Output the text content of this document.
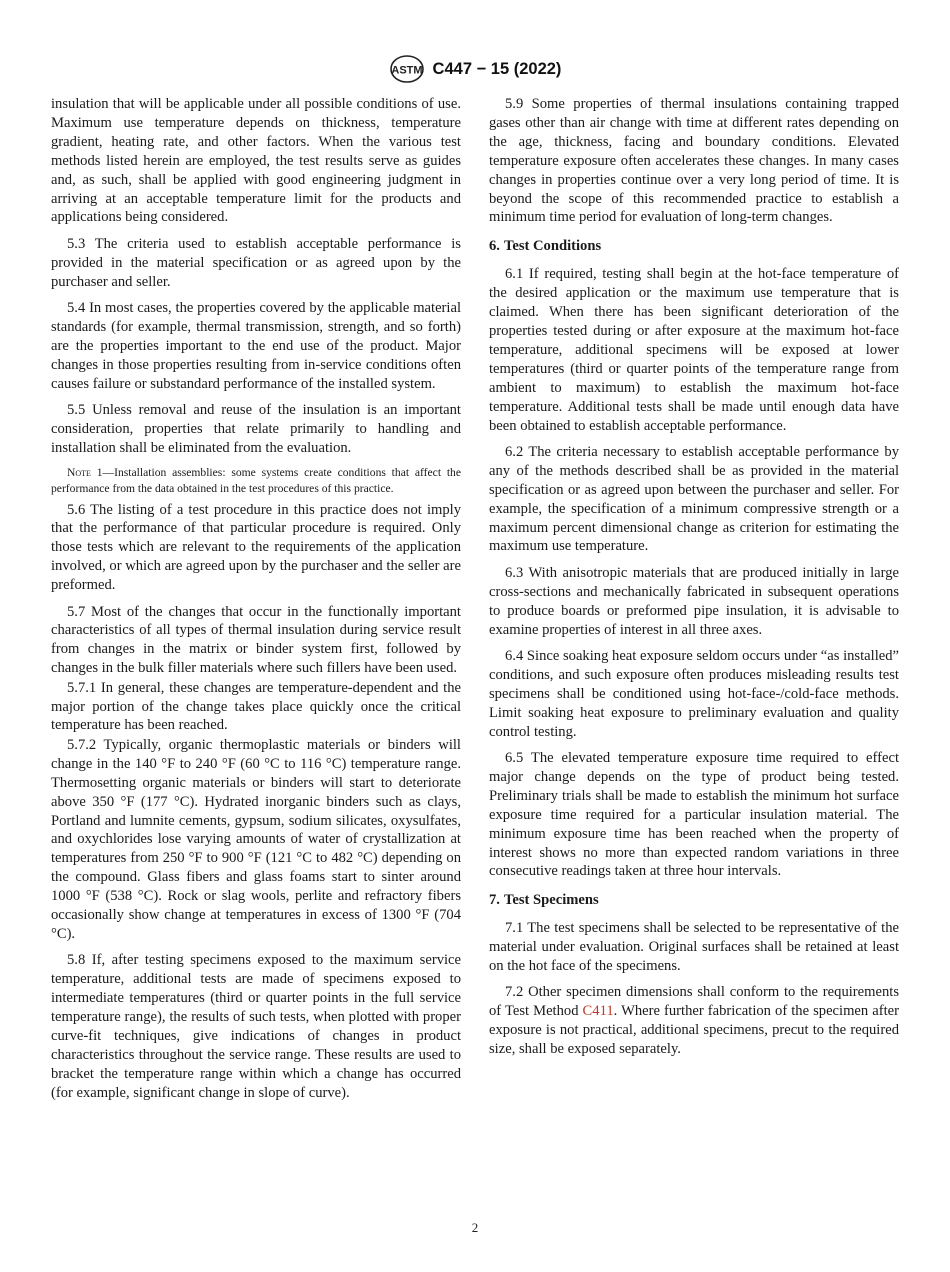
ASTM C447 − 15 (2022)

insulation that will be applicable under all possible conditions of use. Maximum use temperature depends on thickness, temperature gradient, heating rate, and other factors. When the various test methods listed herein are employed, the test results serve as guides and, as such, shall be applied with good engineering judgment in arriving at an acceptable temperature limit for the products and applications being considered.

5.3 The criteria used to establish acceptable performance is provided in the material specification or as agreed upon by the purchaser and seller.

5.4 In most cases, the properties covered by the applicable material standards (for example, thermal transmission, strength, and so forth) are the properties important to the end use of the product. Major changes in those properties resulting from in-service conditions often causes failure or substandard performance of the installed system.

5.5 Unless removal and reuse of the insulation is an important consideration, properties that relate primarily to handling and installation shall be eliminated from the evaluation.

Note 1—Installation assemblies: some systems create conditions that affect the performance from the data obtained in the test procedures of this practice.

5.6 The listing of a test procedure in this practice does not imply that the performance of that particular procedure is required. Only those tests which are relevant to the requirements of the application involved, or which are agreed upon by the purchaser and the seller are preformed.

5.7 Most of the changes that occur in the functionally important characteristics of all types of thermal insulation during service result from changes in the matrix or binder system first, followed by changes in the bulk filler materials where such fillers have been used.

5.7.1 In general, these changes are temperature-dependent and the major portion of the change takes place quickly once the critical temperature has been reached.

5.7.2 Typically, organic thermoplastic materials or binders will change in the 140 °F to 240 °F (60 °C to 116 °C) temperature range. Thermosetting organic materials or binders will start to deteriorate above 350 °F (177 °C). Hydrated inorganic binders such as clays, Portland and lumnite cements, gypsum, sodium silicates, oxysulfates, and oxychlorides lose varying amounts of water of crystallization at temperatures from 250 °F to 900 °F (121 °C to 482 °C) depending on the compound. Glass fibers and glass foams start to sinter around 1000 °F (538 °C). Rock or slag wools, perlite and refractory fibers occasionally show change at temperatures in excess of 1300 °F (704 °C).

5.8 If, after testing specimens exposed to the maximum service temperature, additional tests are made of specimens exposed to intermediate temperatures (third or quarter points in the full service temperature range), the results of such tests, when plotted with proper curve-fit techniques, give indications of changes in product characteristics throughout the service range. These results are used to bracket the temperature range within which a change has occurred (for example, significant change in slope of curve).

5.9 Some properties of thermal insulations containing trapped gases other than air change with time at different rates depending on the age, thickness, facing and boundary conditions. Elevated temperature exposure often accelerates these changes. In many cases changes in properties continue over a very long period of time. It is beyond the scope of this recommended practice to establish a minimum time period for evaluation of long-term changes.

6. Test Conditions

6.1 If required, testing shall begin at the hot-face temperature of the desired application or the maximum use temperature that is claimed. When there has been significant deterioration of the properties tested during or after exposure at the maximum hot-face temperature, additional specimens will be exposed at lower temperatures (third or quarter points of the temperature range from ambient to maximum) to establish the maximum hot-face temperature. Additional tests shall be made until enough data have been obtained to establish acceptable performance.

6.2 The criteria necessary to establish acceptable performance by any of the methods described shall be as provided in the material specification or as agreed upon between the purchaser and seller. For example, the specification of a minimum compressive strength or a maximum percent dimensional change as criterion for estimating the maximum use temperature.

6.3 With anisotropic materials that are produced initially in large cross-sections and mechanically fabricated in subsequent operations to produce boards or preformed pipe insulation, it is advisable to examine properties of interest in all three axes.

6.4 Since soaking heat exposure seldom occurs under “as installed” conditions, and such exposure often produces misleading results test specimens shall be conditioned using hot-face-/cold-face methods. Limit soaking heat exposure to preliminary evaluation and quality control testing.

6.5 The elevated temperature exposure time required to effect major change depends on the type of product being tested. Preliminary trials shall be made to establish the minimum hot surface exposure time required for a particular insulation material. The minimum exposure time has been reached when the property of interest shows no more than expected random variations in three consecutive readings taken at three hour intervals.

7. Test Specimens

7.1 The test specimens shall be selected to be representative of the material under evaluation. Original surfaces shall be retained at least on the hot face of the specimens.

7.2 Other specimen dimensions shall conform to the requirements of Test Method C411. Where further fabrication of the specimen after exposure is not practical, additional specimens, precut to the required size, shall be exposed separately.

2
